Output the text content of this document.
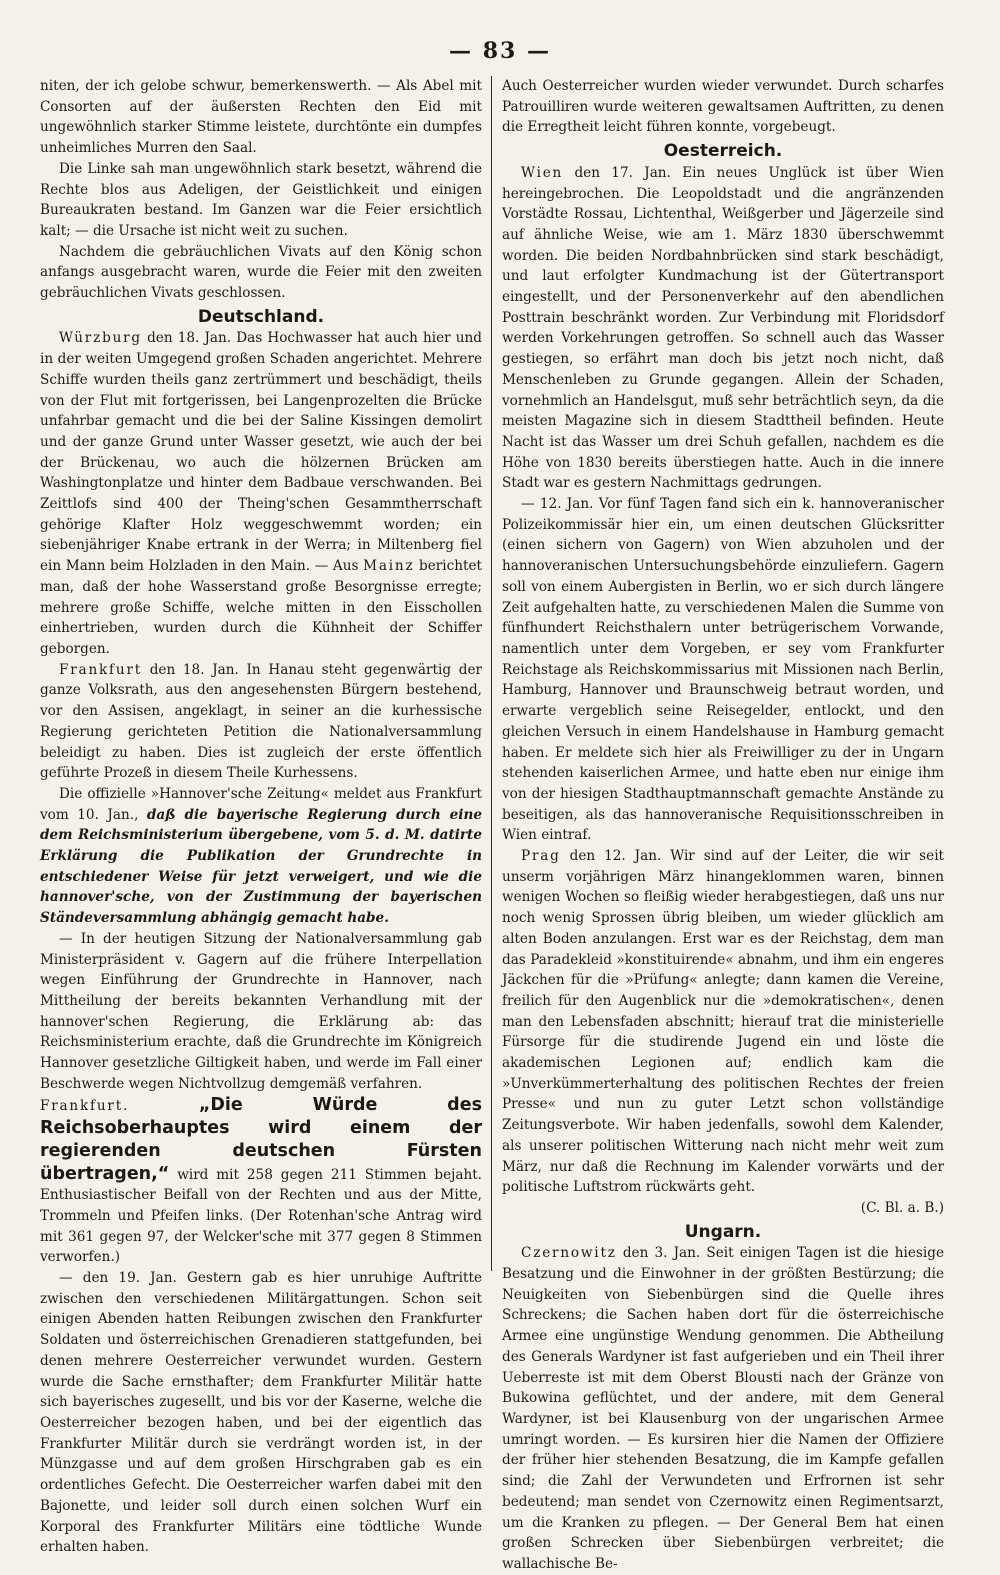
— 83 —

niten, der ich gelobe schwur, bemerkenswerth. — Als Abel mit Consorten auf der äußersten Rechten den Eid mit ungewöhnlich starker Stimme leistete, durchtönte ein dumpfes unheimliches Murren den Saal.

Die Linke sah man ungewöhnlich stark besetzt, während die Rechte blos aus Adeligen, der Geistlichkeit und einigen Bureaukraten bestand. Im Ganzen war die Feier ersichtlich kalt; — die Ursache ist nicht weit zu suchen.

Nachdem die gebräuchlichen Vivats auf den König schon anfangs ausgebracht waren, wurde die Feier mit den zweiten gebräuchlichen Vivats geschlossen.

Deutschland.

Würzburg den 18. Jan. Das Hochwasser hat auch hier und in der weiten Umgegend großen Schaden angerichtet. Mehrere Schiffe wurden theils ganz zertrümmert und beschädigt, theils von der Flut mit fortgerissen, bei Langenprozelten die Brücke unfahrbar gemacht und die bei der Saline Kissingen demolirt und der ganze Grund unter Wasser gesetzt, wie auch der bei der Brückenau, wo auch die hölzernen Brücken am Washingtonplatze und hinter dem Badbaue verschwanden. Bei Zeittlofs sind 400 der Theing'schen Gesammtherrschaft gehörige Klafter Holz weggeschwemmt worden; ein siebenjähriger Knabe ertrank in der Werra; in Miltenberg fiel ein Mann beim Holzladen in den Main. — Aus Mainz berichtet man, daß der hohe Wasserstand große Besorgnisse erregte; mehrere große Schiffe, welche mitten in den Eisschollen einhertrieben, wurden durch die Kühnheit der Schiffer geborgen.

Frankfurt den 18. Jan. In Hanau steht gegenwärtig der ganze Volksrath, aus den angesehensten Bürgern bestehend, vor den Assisen, angeklagt, in seiner an die kurhessische Regierung gerichteten Petition die Nationalversammlung beleidigt zu haben. Dies ist zugleich der erste öffentlich geführte Prozeß in diesem Theile Kurhessens.

Die offizielle »Hannover'sche Zeitung« meldet aus Frankfurt vom 10. Jan., daß die bayerische Regierung durch eine dem Reichsministerium übergebene, vom 5. d. M. datirte Erklärung die Publikation der Grundrechte in entschiedener Weise für jetzt verweigert, und wie die hannover'sche, von der Zustimmung der bayerischen Ständeversammlung abhängig gemacht habe.

— In der heutigen Sitzung der Nationalversammlung gab Ministerpräsident v. Gagern auf die frühere Interpellation wegen Einführung der Grundrechte in Hannover, nach Mittheilung der bereits bekannten Verhandlung mit der hannover'schen Regierung, die Erklärung ab: das Reichsministerium erachte, daß die Grundrechte im Königreich Hannover gesetzliche Giltigkeit haben, und werde im Fall einer Beschwerde wegen Nichtvollzug demgemäß verfahren.

Frankfurt. „Die Würde des Reichsoberhauptes wird einem der regierenden deutschen Fürsten übertragen,“ wird mit 258 gegen 211 Stimmen bejaht. Enthusiastischer Beifall von der Rechten und aus der Mitte, Trommeln und Pfeifen links. (Der Rotenhan'sche Antrag wird mit 361 gegen 97, der Welcker'sche mit 377 gegen 8 Stimmen verworfen.)

— den 19. Jan. Gestern gab es hier unruhige Auftritte zwischen den verschiedenen Militärgattungen. Schon seit einigen Abenden hatten Reibungen zwischen den Frankfurter Soldaten und österreichischen Grenadieren stattgefunden, bei denen mehrere Oesterreicher verwundet wurden. Gestern wurde die Sache ernsthafter; dem Frankfurter Militär hatte sich bayerisches zugesellt, und bis vor der Kaserne, welche die Oesterreicher bezogen haben, und bei der eigentlich das Frankfurter Militär durch sie verdrängt worden ist, in der Münzgasse und auf dem großen Hirschgraben gab es ein ordentliches Gefecht. Die Oesterreicher warfen dabei mit den Bajonette, und leider soll durch einen solchen Wurf ein Korporal des Frankfurter Militärs eine tödtliche Wunde erhalten haben.

Auch Oesterreicher wurden wieder verwundet. Durch scharfes Patrouilliren wurde weiteren gewaltsamen Auftritten, zu denen die Erregtheit leicht führen konnte, vorgebeugt.

Oesterreich.

Wien den 17. Jan. Ein neues Unglück ist über Wien hereingebrochen. Die Leopoldstadt und die angränzenden Vorstädte Rossau, Lichtenthal, Weißgerber und Jägerzeile sind auf ähnliche Weise, wie am 1. März 1830 überschwemmt worden. Die beiden Nordbahnbrücken sind stark beschädigt, und laut erfolgter Kundmachung ist der Gütertransport eingestellt, und der Personenverkehr auf den abendlichen Posttrain beschränkt worden. Zur Verbindung mit Floridsdorf werden Vorkehrungen getroffen. So schnell auch das Wasser gestiegen, so erfährt man doch bis jetzt noch nicht, daß Menschenleben zu Grunde gegangen. Allein der Schaden, vornehmlich an Handelsgut, muß sehr beträchtlich seyn, da die meisten Magazine sich in diesem Stadttheil befinden. Heute Nacht ist das Wasser um drei Schuh gefallen, nachdem es die Höhe von 1830 bereits überstiegen hatte. Auch in die innere Stadt war es gestern Nachmittags gedrungen.

— 12. Jan. Vor fünf Tagen fand sich ein k. hannoveranischer Polizeikommissär hier ein, um einen deutschen Glücksritter (einen sichern von Gagern) von Wien abzuholen und der hannoveranischen Untersuchungsbehörde einzuliefern. Gagern soll von einem Aubergisten in Berlin, wo er sich durch längere Zeit aufgehalten hatte, zu verschiedenen Malen die Summe von fünfhundert Reichsthalern unter betrügerischem Vorwande, namentlich unter dem Vorgeben, er sey vom Frankfurter Reichstage als Reichskommissarius mit Missionen nach Berlin, Hamburg, Hannover und Braunschweig betraut worden, und erwarte vergeblich seine Reisegelder, entlockt, und den gleichen Versuch in einem Handelshause in Hamburg gemacht haben. Er meldete sich hier als Freiwilliger zu der in Ungarn stehenden kaiserlichen Armee, und hatte eben nur einige ihm von der hiesigen Stadthauptmannschaft gemachte Anstände zu beseitigen, als das hannoveranische Requisitionsschreiben in Wien eintraf.

Prag den 12. Jan. Wir sind auf der Leiter, die wir seit unserm vorjährigen März hinangeklommen waren, binnen wenigen Wochen so fleißig wieder herabgestiegen, daß uns nur noch wenig Sprossen übrig bleiben, um wieder glücklich am alten Boden anzulangen. Erst war es der Reichstag, dem man das Paradekleid »konstituirende« abnahm, und ihm ein engeres Jäckchen für die »Prüfung« anlegte; dann kamen die Vereine, freilich für den Augenblick nur die »demokratischen«, denen man den Lebensfaden abschnitt; hierauf trat die ministerielle Fürsorge für die studirende Jugend ein und löste die akademischen Legionen auf; endlich kam die »Unverkümmerterhaltung des politischen Rechtes der freien Presse« und nun zu guter Letzt schon vollständige Zeitungsverbote. Wir haben jedenfalls, sowohl dem Kalender, als unserer politischen Witterung nach nicht mehr weit zum März, nur daß die Rechnung im Kalender vorwärts und der politische Luftstrom rückwärts geht.

(C. Bl. a. B.)
Ungarn.

Czernowitz den 3. Jan. Seit einigen Tagen ist die hiesige Besatzung und die Einwohner in der größten Bestürzung; die Neuigkeiten von Siebenbürgen sind die Quelle ihres Schreckens; die Sachen haben dort für die österreichische Armee eine ungünstige Wendung genommen. Die Abtheilung des Generals Wardyner ist fast aufgerieben und ein Theil ihrer Ueberreste ist mit dem Oberst Blousti nach der Gränze von Bukowina geflüchtet, und der andere, mit dem General Wardyner, ist bei Klausenburg von der ungarischen Armee umringt worden. — Es kursiren hier die Namen der Offiziere der früher hier stehenden Besatzung, die im Kampfe gefallen sind; die Zahl der Verwundeten und Erfrornen ist sehr bedeutend; man sendet von Czernowitz einen Regimentsarzt, um die Kranken zu pflegen. — Der General Bem hat einen großen Schrecken über Siebenbürgen verbreitet; die wallachische Be-
